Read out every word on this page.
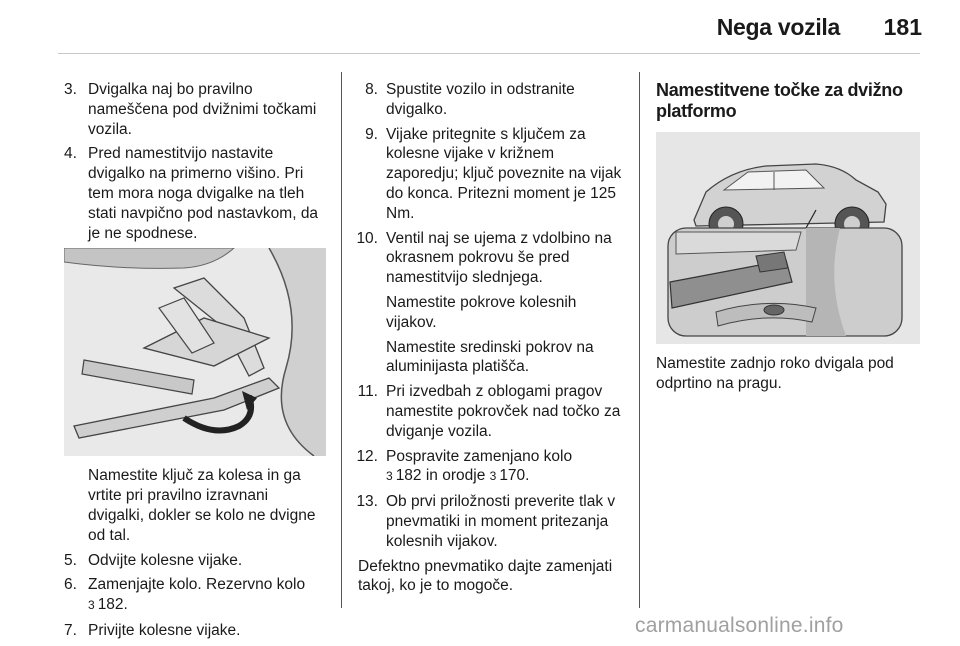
Nega vozila	181
3. Dvigalka naj bo pravilno nameščena pod dvižnimi točkami vozila.
4. Pred namestitvijo nastavite dvigalko na primerno višino. Pri tem mora noga dvigalke na tleh stati navpično pod nastavkom, da je ne spodnese.
Namestite ključ za kolesa in ga vrtite pri pravilno izravnani dvigalki, dokler se kolo ne dvigne od tal.
5. Odvijte kolesne vijake.
6. Zamenjajte kolo. Rezervno kolo
3 182.
7. Privijte kolesne vijake.
8. Spustite vozilo in odstranite dvigalko.
9. Vijake pritegnite s ključem za kolesne vijake v križnem zaporedju; ključ poveznite na vijak do konca. Pritezni moment je 125 Nm.
10. Ventil naj se ujema z vdolbino na okrasnem pokrovu še pred namestitvijo slednjega.
Namestite pokrove kolesnih vijakov.
Namestite sredinski pokrov na aluminijasta platišča.
11. Pri izvedbah z oblogami pragov namestite pokrovček nad točko za dviganje vozila.
12. Pospravite zamenjano kolo
3 182 in orodje 3 170.
13. Ob prvi priložnosti preverite tlak v pnevmatiki in moment pritezanja kolesnih vijakov.
Defektno pnevmatiko dajte zamenjati takoj, ko je to mogoče.
Namestitvene točke za dvižno platformo
Namestite zadnjo roko dvigala pod odprtino na pragu.
carmanualsonline.info
